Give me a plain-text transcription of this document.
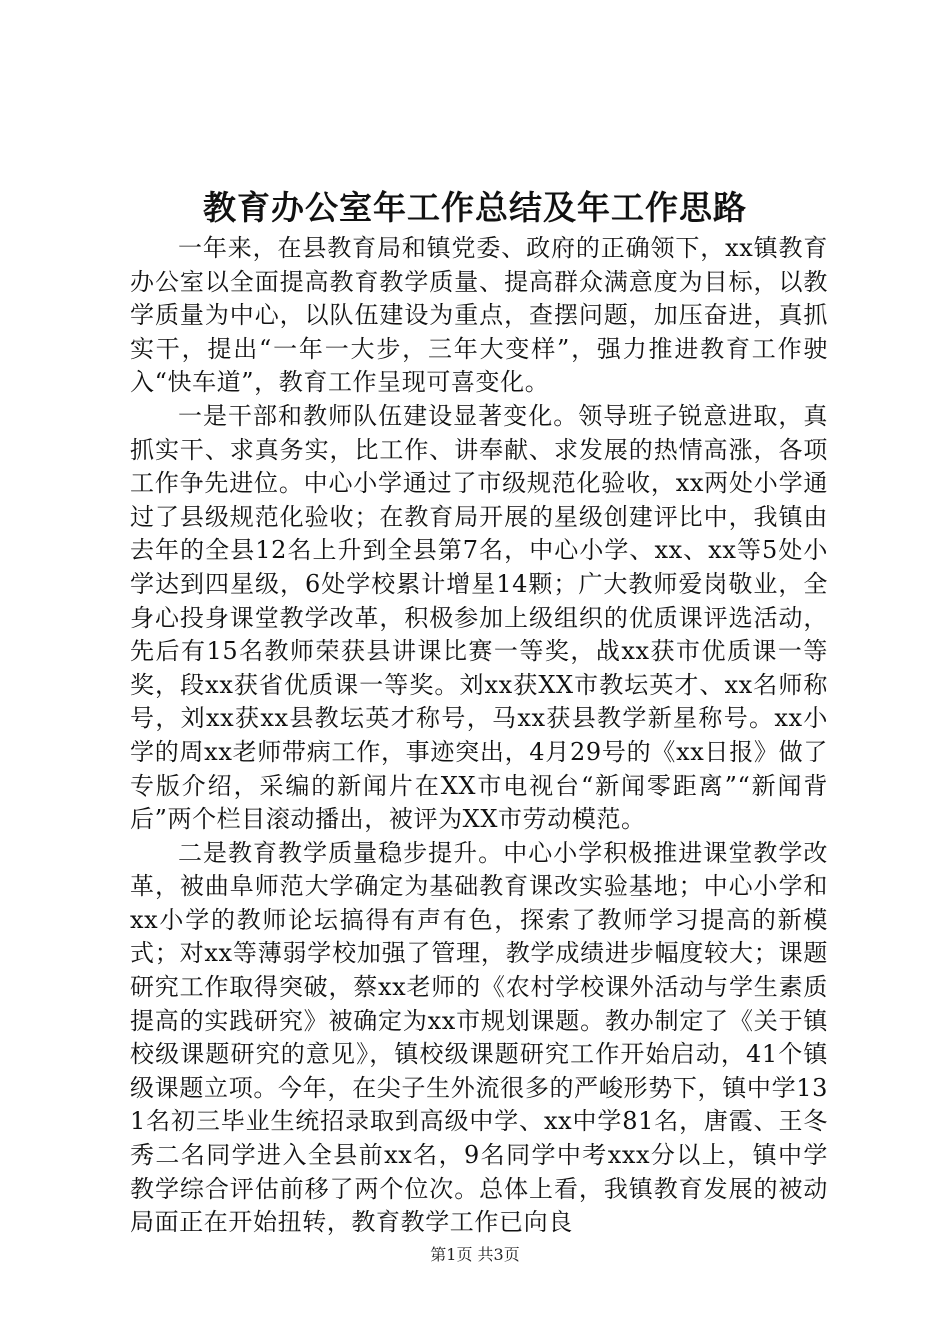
教育办公室年工作总结及年工作思路

一年来，在县教育局和镇党委、政府的正确领下，xx镇教育办公室以全面提高教育教学质量、提高群众满意度为目标，以教学质量为中心，以队伍建设为重点，查摆问题，加压奋进，真抓实干，提出“一年一大步，三年大变样”，强力推进教育工作驶入“快车道”，教育工作呈现可喜变化。

一是干部和教师队伍建设显著变化。领导班子锐意进取，真抓实干、求真务实，比工作、讲奉献、求发展的热情高涨，各项工作争先进位。中心小学通过了市级规范化验收，xx两处小学通过了县级规范化验收；在教育局开展的星级创建评比中，我镇由去年的全县12名上升到全县第7名，中心小学、xx、xx等5处小学达到四星级，6处学校累计增星14颗；广大教师爱岗敬业，全身心投身课堂教学改革，积极参加上级组织的优质课评选活动，先后有15名教师荣获县讲课比赛一等奖，战xx获市优质课一等奖，段xx获省优质课一等奖。刘xx获XX市教坛英才、xx名师称号，刘xx获xx县教坛英才称号，马xx获县教学新星称号。xx小学的周xx老师带病工作，事迹突出，4月29号的《xx日报》做了专版介绍，采编的新闻片在XX市电视台“新闻零距离”“新闻背后”两个栏目滚动播出，被评为XX市劳动模范。

二是教育教学质量稳步提升。中心小学积极推进课堂教学改革，被曲阜师范大学确定为基础教育课改实验基地；中心小学和xx小学的教师论坛搞得有声有色，探索了教师学习提高的新模式；对xx等薄弱学校加强了管理，教学成绩进步幅度较大；课题研究工作取得突破，蔡xx老师的《农村学校课外活动与学生素质提高的实践研究》被确定为xx市规划课题。教办制定了《关于镇校级课题研究的意见》，镇校级课题研究工作开始启动，41个镇级课题立项。今年，在尖子生外流很多的严峻形势下，镇中学131名初三毕业生统招录取到高级中学、xx中学81名，唐霞、王冬秀二名同学进入全县前xx名，9名同学中考xxx分以上，镇中学教学综合评估前移了两个位次。总体上看，我镇教育发展的被动局面正在开始扭转，教育教学工作已向良

第1页 共3页
